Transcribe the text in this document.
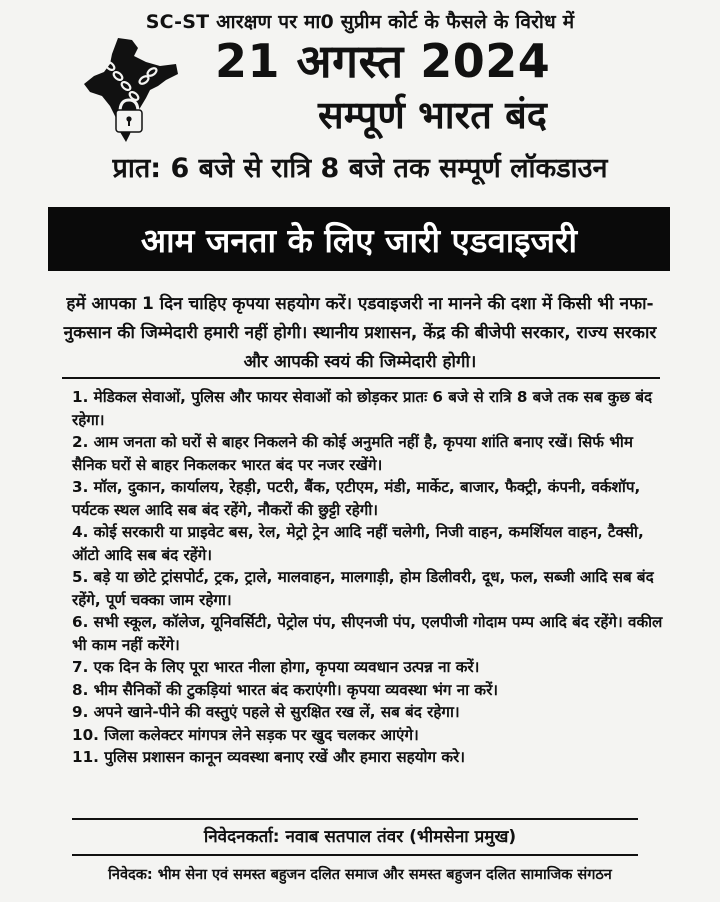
SC-ST आरक्षण पर मा0 सुप्रीम कोर्ट के फैसले के विरोध में
21 अगस्त 2024
सम्पूर्ण भारत बंद
प्रात: 6 बजे से रात्रि 8 बजे तक सम्पूर्ण लॉकडाउन
आम जनता के लिए जारी एडवाइजरी
हमें आपका 1 दिन चाहिए कृपया सहयोग करें। एडवाइजरी ना मानने की दशा में किसी भी नफा-नुकसान की जिम्मेदारी हमारी नहीं होगी। स्थानीय प्रशासन, केंद्र की बीजेपी सरकार, राज्य सरकार और आपकी स्वयं की जिम्मेदारी होगी।
1. मेडिकल सेवाओं, पुलिस और फायर सेवाओं को छोड़कर प्रातः 6 बजे से रात्रि 8 बजे तक सब कुछ बंद रहेगा।
2. आम जनता को घरों से बाहर निकलने की कोई अनुमति नहीं है, कृपया शांति बनाए रखें। सिर्फ भीम सैनिक घरों से बाहर निकलकर भारत बंद पर नजर रखेंगे।
3. मॉल, दुकान, कार्यालय, रेहड़ी, पटरी, बैंक, एटीएम, मंडी, मार्केट, बाजार, फैक्ट्री, कंपनी, वर्कशॉप, पर्यटक स्थल आदि सब बंद रहेंगे, नौकरों की छुट्टी रहेगी।
4. कोई सरकारी या प्राइवेट बस, रेल, मेट्रो ट्रेन आदि नहीं चलेगी, निजी वाहन, कमर्शियल वाहन, टैक्सी, ऑटो आदि सब बंद रहेंगे।
5. बड़े या छोटे ट्रांसपोर्ट, ट्रक, ट्राले, मालवाहन, मालगाड़ी, होम डिलीवरी, दूध, फल, सब्जी आदि सब बंद रहेंगे, पूर्ण चक्का जाम रहेगा।
6. सभी स्कूल, कॉलेज, यूनिवर्सिटी, पेट्रोल पंप, सीएनजी पंप, एलपीजी गोदाम पम्प आदि बंद रहेंगे। वकील भी काम नहीं करेंगे।
7. एक दिन के लिए पूरा भारत नीला होगा, कृपया व्यवधान उत्पन्न ना करें।
8. भीम सैनिकों की टुकड़ियां भारत बंद कराएंगी। कृपया व्यवस्था भंग ना करें।
9. अपने खाने-पीने की वस्तुएं पहले से सुरक्षित रख लें, सब बंद रहेगा।
10. जिला कलेक्टर मांगपत्र लेने सड़क पर खुद चलकर आएंगे।
11. पुलिस प्रशासन कानून व्यवस्था बनाए रखें और हमारा सहयोग करे।
निवेदनकर्ता: नवाब सतपाल तंवर (भीमसेना प्रमुख)
निवेदक: भीम सेना एवं समस्त बहुजन दलित समाज और समस्त बहुजन दलित सामाजिक संगठन
